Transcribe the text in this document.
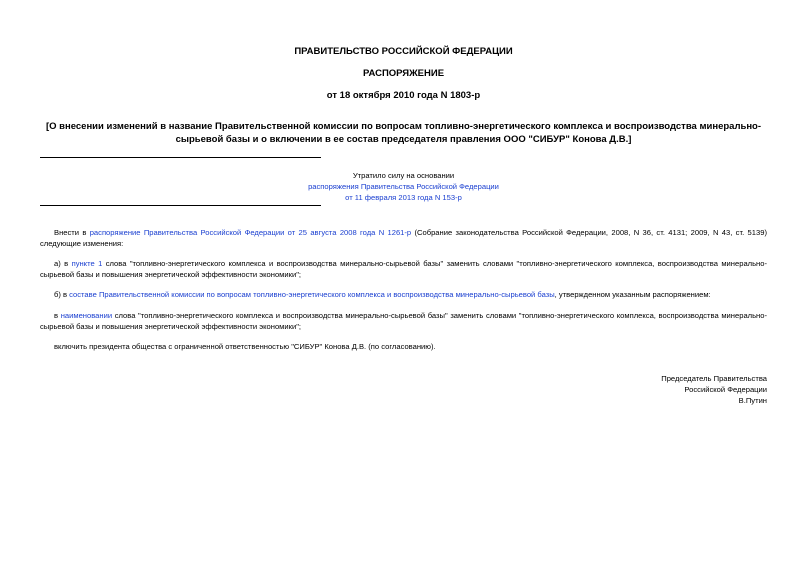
ПРАВИТЕЛЬСТВО РОССИЙСКОЙ ФЕДЕРАЦИИ
РАСПОРЯЖЕНИЕ
от 18 октября 2010 года N 1803-р
[О внесении изменений в название Правительственной комиссии по вопросам топливно-энергетического комплекса и воспроизводства минерально-сырьевой базы и о включении в ее состав председателя правления ООО "СИБУР" Конова Д.В.]
Утратило силу на основании
распоряжения Правительства Российской Федерации
от 11 февраля 2013 года N 153-р

Внести в распоряжение Правительства Российской Федерации от 25 августа 2008 года N 1261-р (Собрание законодательства Российской Федерации, 2008, N 36, ст. 4131; 2009, N 43, ст. 5139) следующие изменения:

а) в пункте 1 слова "топливно-энергетического комплекса и воспроизводства минерально-сырьевой базы" заменить словами "топливно-энергетического комплекса, воспроизводства минерально-сырьевой базы и повышения энергетической эффективности экономики";

б) в составе Правительственной комиссии по вопросам топливно-энергетического комплекса и воспроизводства минерально-сырьевой базы, утвержденном указанным распоряжением:

в наименовании слова "топливно-энергетического комплекса и воспроизводства минерально-сырьевой базы" заменить словами "топливно-энергетического комплекса, воспроизводства минерально-сырьевой базы и повышения энергетической эффективности экономики";

включить президента общества с ограниченной ответственностью "СИБУР" Конова Д.В. (по согласованию).

Председатель Правительства
Российской Федерации
В.Путин
